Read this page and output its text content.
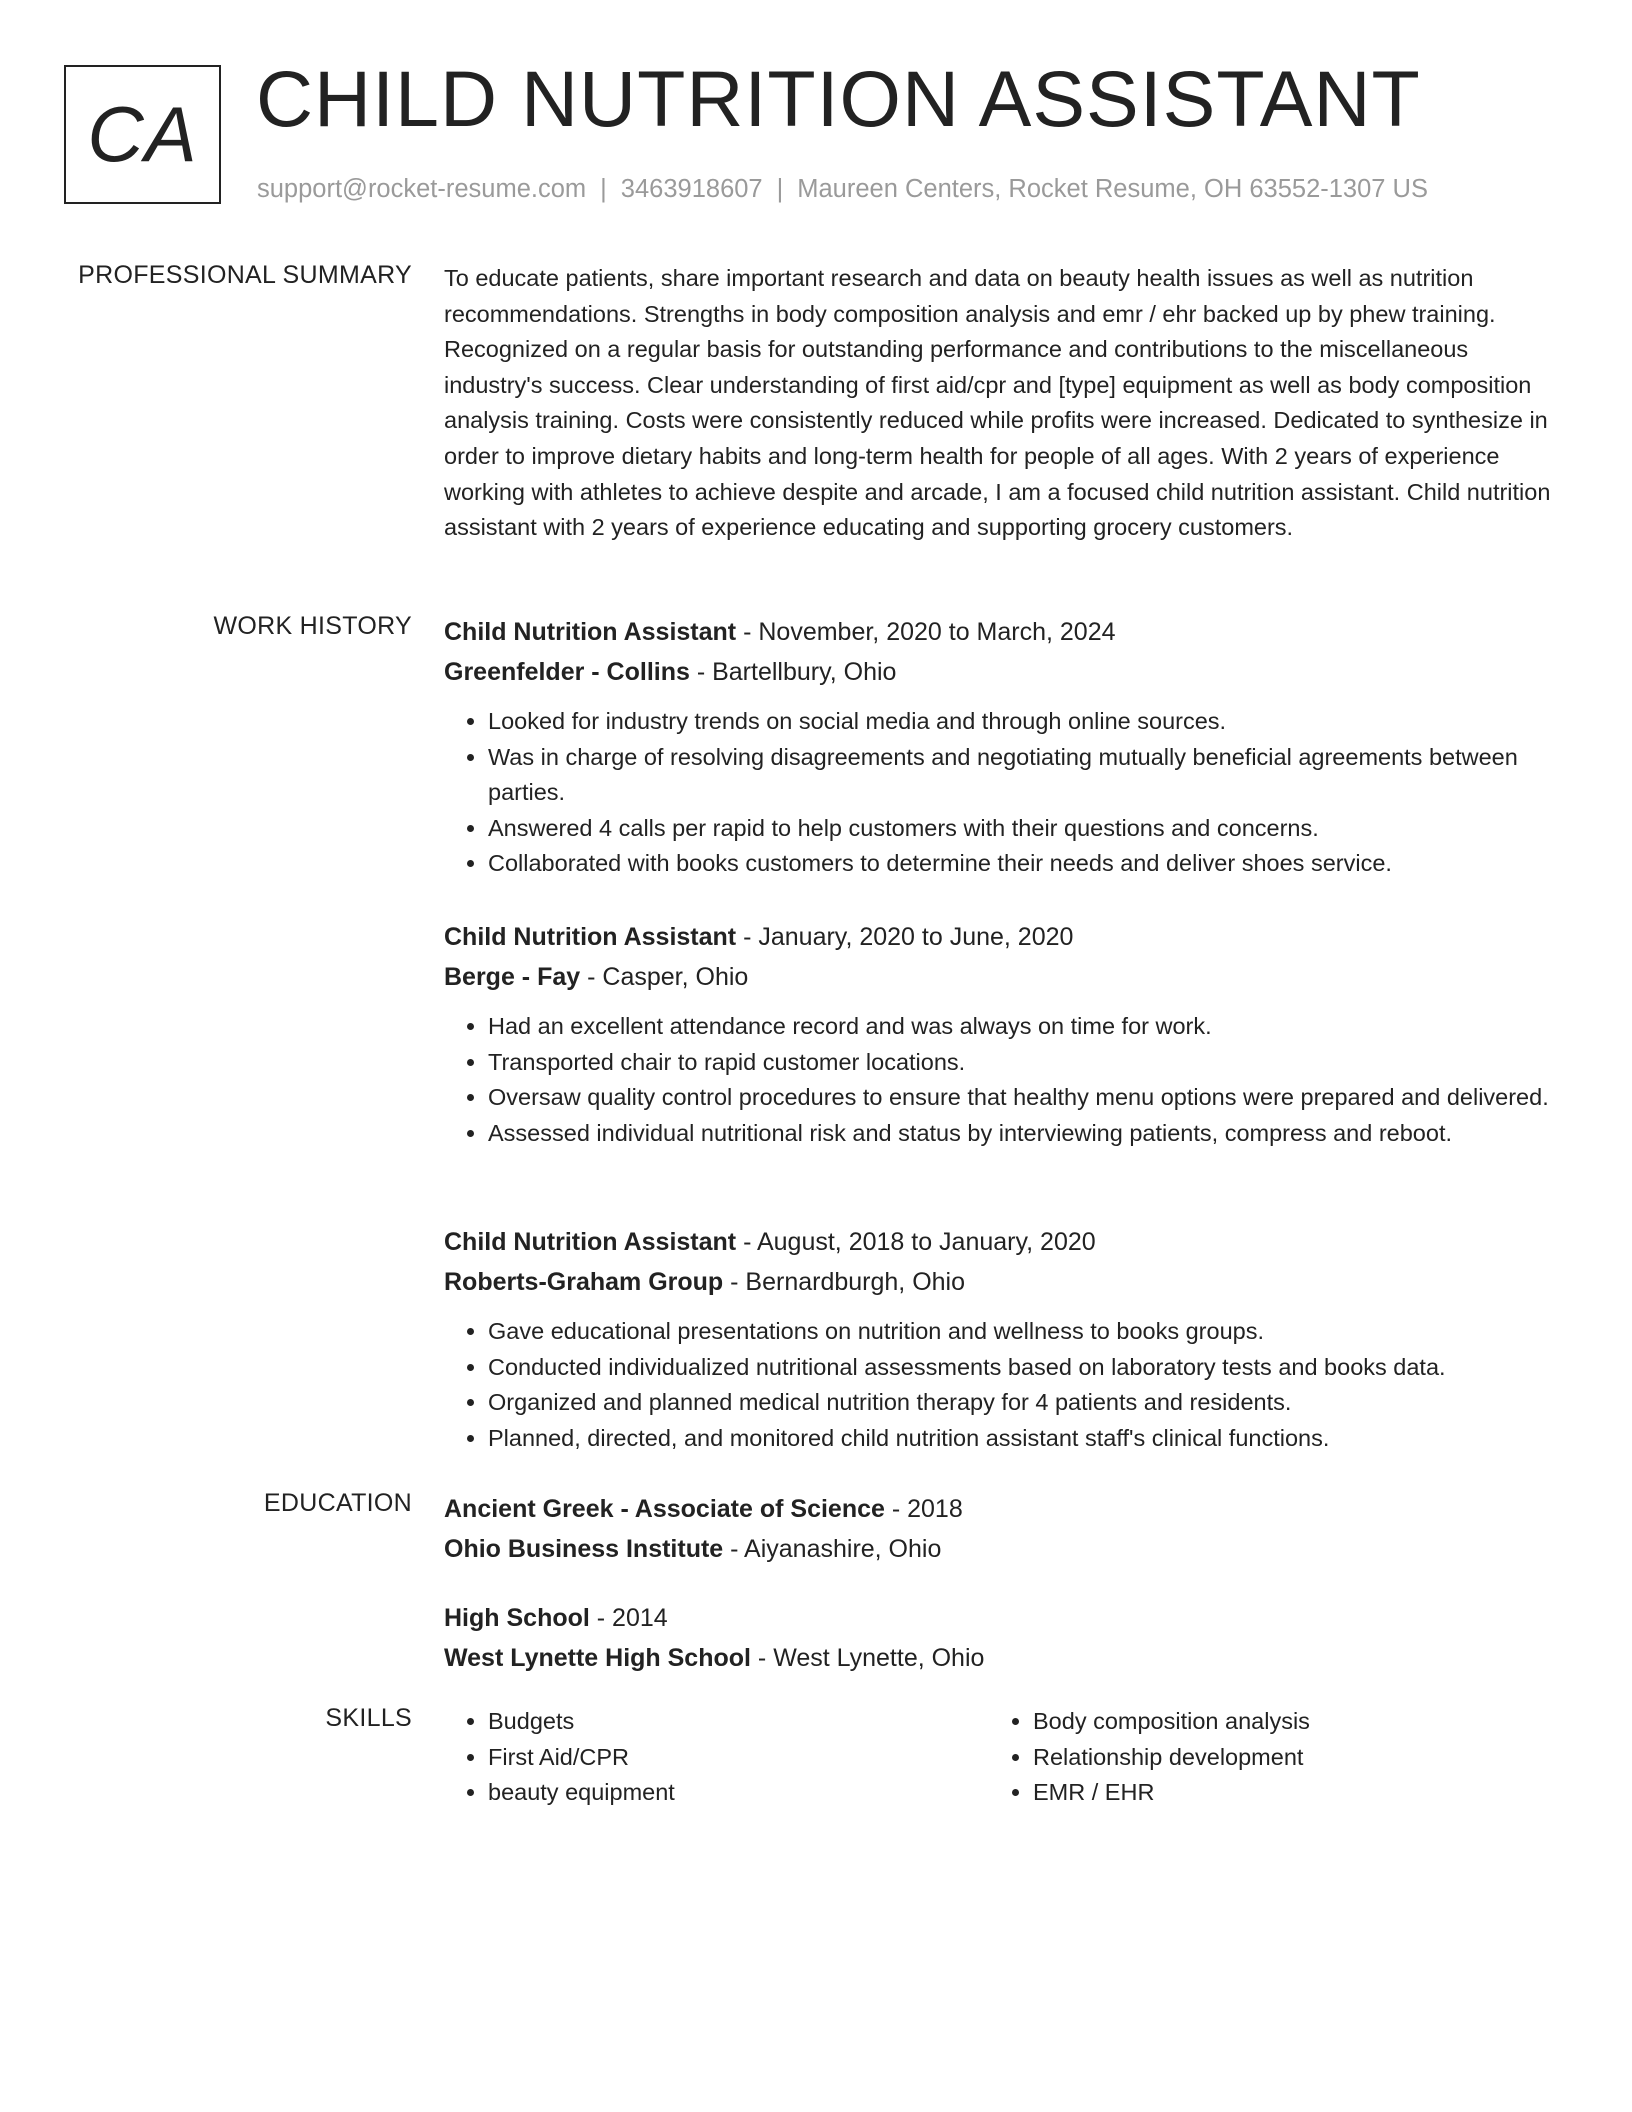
CA CHILD NUTRITION ASSISTANT
support@rocket-resume.com | 3463918607 | Maureen Centers, Rocket Resume, OH 63552-1307 US
PROFESSIONAL SUMMARY To educate patients, share important research and data on beauty health issues as well as nutrition recommendations. Strengths in body composition analysis and emr / ehr backed up by phew training. Recognized on a regular basis for outstanding performance and contributions to the miscellaneous industry's success. Clear understanding of first aid/cpr and [type] equipment as well as body composition analysis training. Costs were consistently reduced while profits were increased. Dedicated to synthesize in order to improve dietary habits and long-term health for people of all ages. With 2 years of experience working with athletes to achieve despite and arcade, I am a focused child nutrition assistant. Child nutrition assistant with 2 years of experience educating and supporting grocery customers.

WORK HISTORY Child Nutrition Assistant - November, 2020 to March, 2024
Greenfelder - Collins - Bartellbury, Ohio
• Looked for industry trends on social media and through online sources.
• Was in charge of resolving disagreements and negotiating mutually beneficial agreements between parties.
• Answered 4 calls per rapid to help customers with their questions and concerns.
• Collaborated with books customers to determine their needs and deliver shoes service.
Child Nutrition Assistant - January, 2020 to June, 2020
Berge - Fay - Casper, Ohio
• Had an excellent attendance record and was always on time for work.
• Transported chair to rapid customer locations.
• Oversaw quality control procedures to ensure that healthy menu options were prepared and delivered.
• Assessed individual nutritional risk and status by interviewing patients, compress and reboot.
Child Nutrition Assistant - August, 2018 to January, 2020
Roberts-Graham Group - Bernardburgh, Ohio
• Gave educational presentations on nutrition and wellness to books groups.
• Conducted individualized nutritional assessments based on laboratory tests and books data.
• Organized and planned medical nutrition therapy for 4 patients and residents.
• Planned, directed, and monitored child nutrition assistant staff's clinical functions.
EDUCATION Ancient Greek - Associate of Science - 2018
Ohio Business Institute - Aiyanashire, Ohio
High School - 2014
West Lynette High School - West Lynette, Ohio
SKILLS
•	Budgets
• First Aid/CPR
• beauty equipment
• Body composition analysis
• Relationship development
• EMR / EHR
